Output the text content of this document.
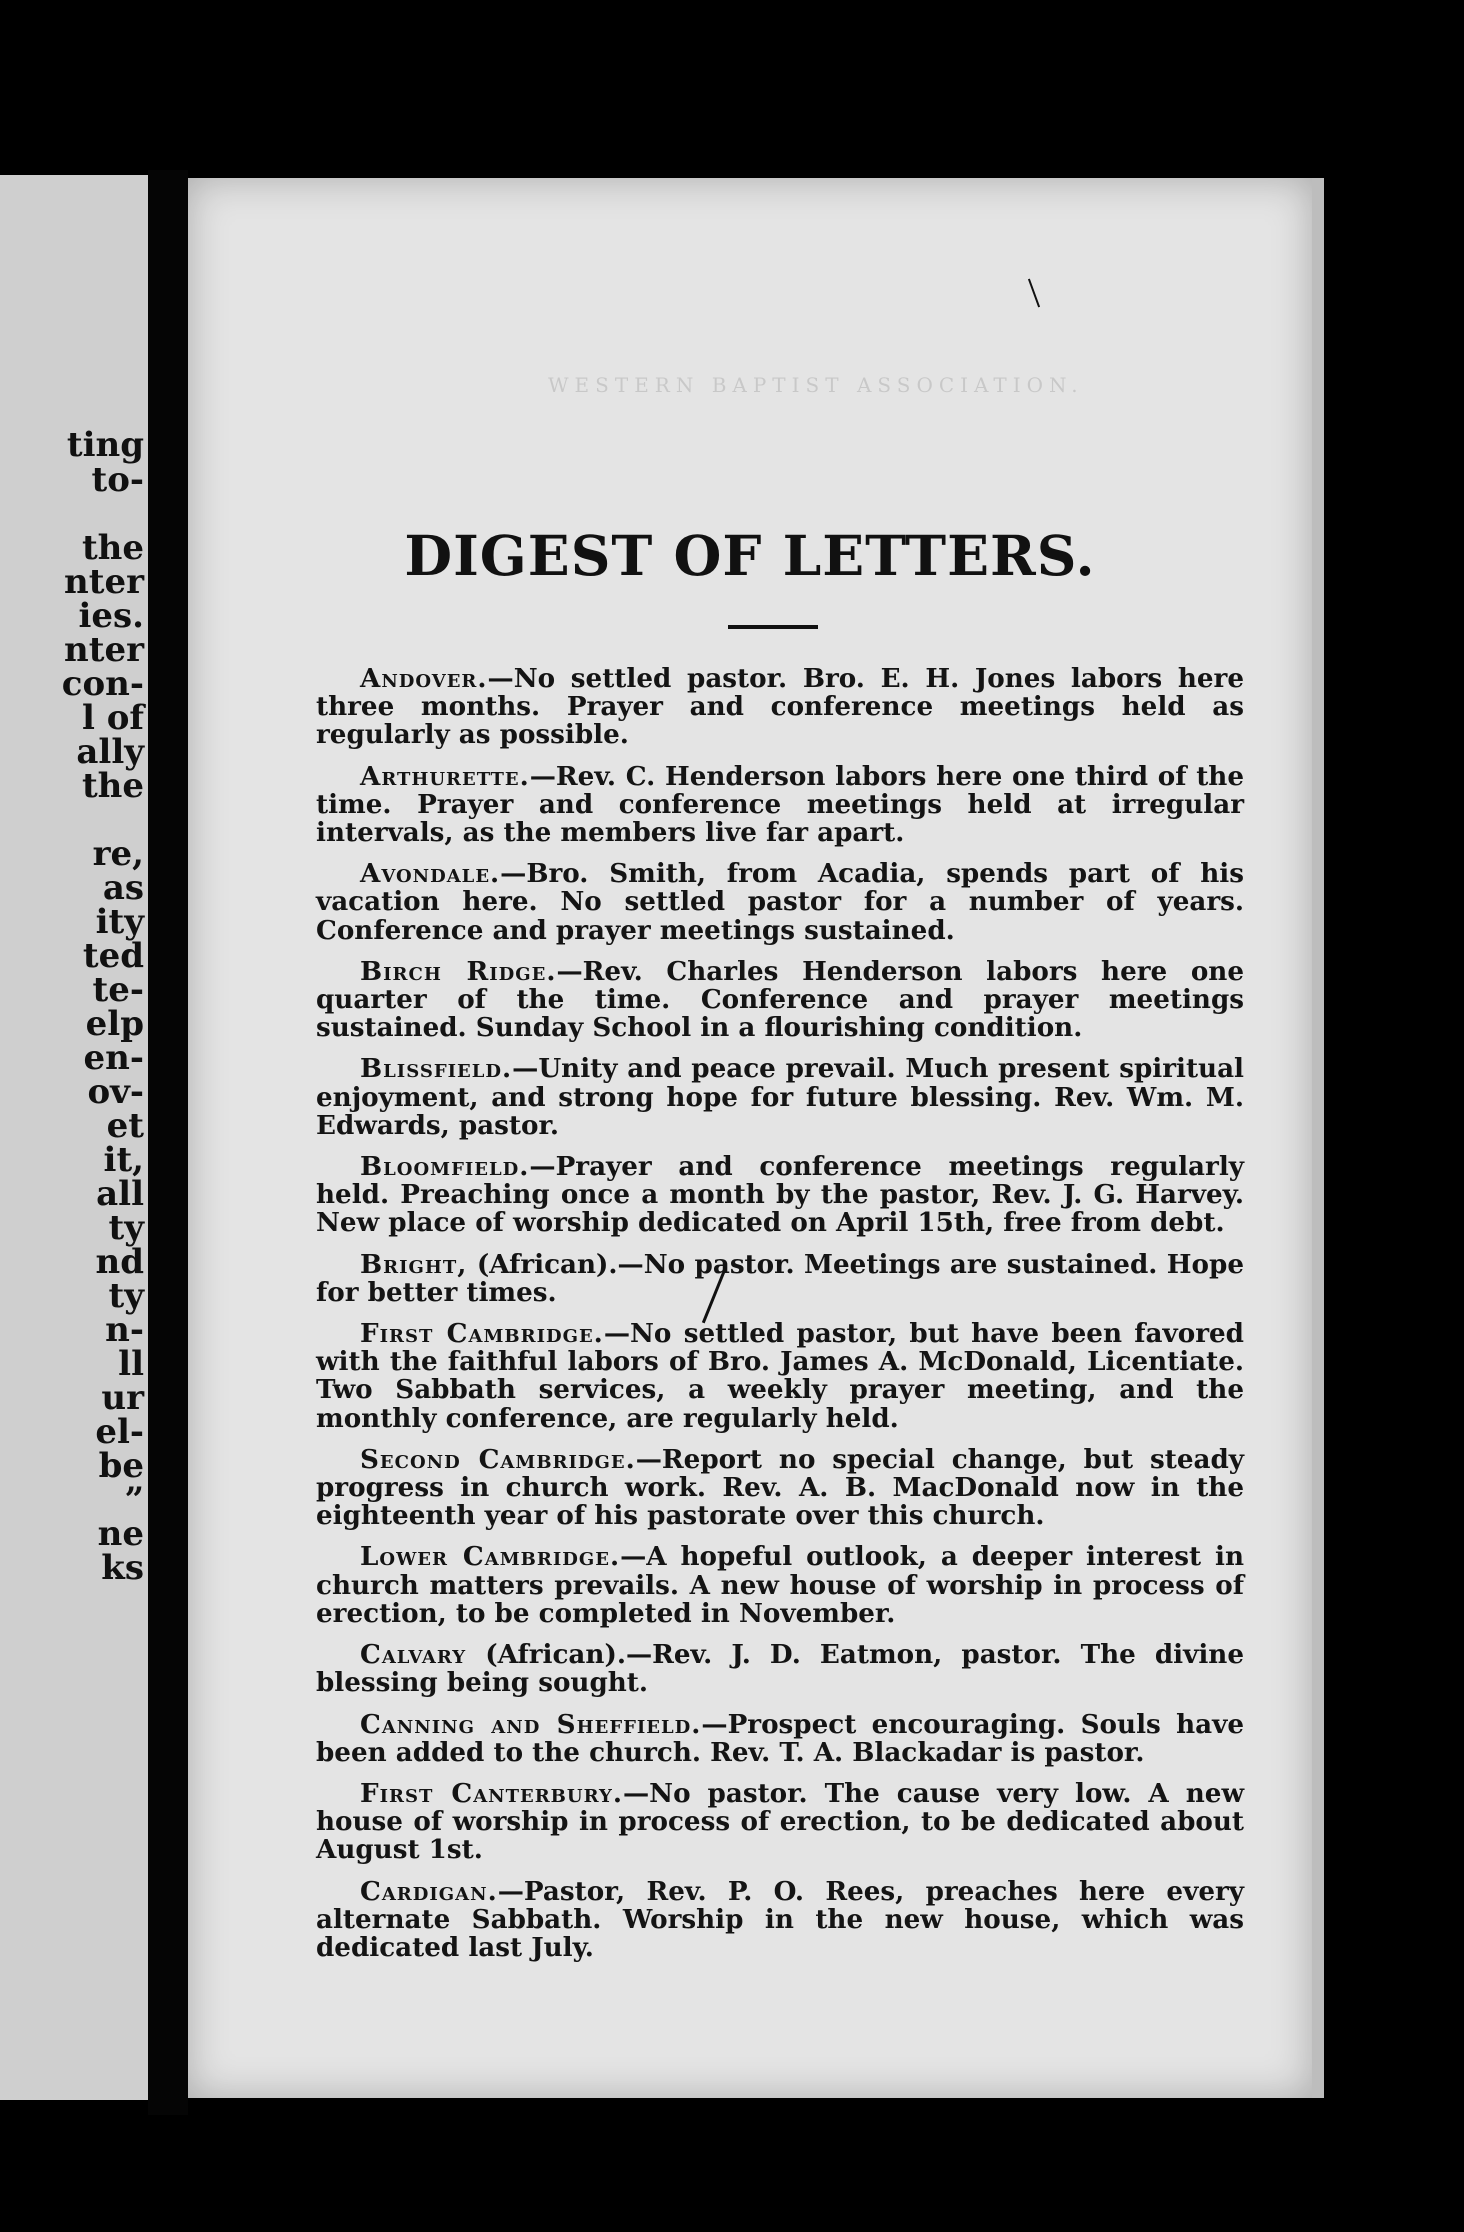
ting
to-
the
nter
ies.
nter
con-
l of
ally
the
re,
as
ity
ted
te-
elp
en-
ov-
et
it,
all
ty
nd
ty
n-
ll
ur
el-
be
”
ne
ks
WESTERN BAPTIST ASSOCIATION.
DIGEST OF LETTERS.

Andover.—No settled pastor. Bro. E. H. Jones labors here three months. Prayer and conference meetings held as regularly as possible.

Arthurette.—Rev. C. Henderson labors here one third of the time. Prayer and conference meetings held at irregular intervals, as the members live far apart.

Avondale.—Bro. Smith, from Acadia, spends part of his vacation here. No settled pastor for a number of years. Conference and prayer meetings sustained.

Birch Ridge.—Rev. Charles Henderson labors here one quarter of the time. Conference and prayer meetings sustained. Sunday School in a flourishing condition.

Blissfield.—Unity and peace prevail. Much present spiritual enjoyment, and strong hope for future blessing. Rev. Wm. M. Edwards, pastor.

Bloomfield.—Prayer and conference meetings regularly held. Preaching once a month by the pastor, Rev. J. G. Harvey. New place of worship dedicated on April 15th, free from debt.

Bright, (African).—No pastor. Meetings are sustained. Hope for better times.

First Cambridge.—No settled pastor, but have been favored with the faithful labors of Bro. James A. McDonald, Licentiate. Two Sabbath services, a weekly prayer meeting, and the monthly conference, are regularly held.

Second Cambridge.—Report no special change, but steady progress in church work. Rev. A. B. MacDonald now in the eighteenth year of his pastorate over this church.

Lower Cambridge.—A hopeful outlook, a deeper interest in church matters prevails. A new house of worship in process of erection, to be completed in November.

Calvary (African).—Rev. J. D. Eatmon, pastor. The divine blessing being sought.

Canning and Sheffield.—Prospect encouraging. Souls have been added to the church. Rev. T. A. Blackadar is pastor.

First Canterbury.—No pastor. The cause very low. A new house of worship in process of erection, to be dedicated about August 1st.

Cardigan.—Pastor, Rev. P. O. Rees, preaches here every alternate Sabbath. Worship in the new house, which was dedicated last July.
